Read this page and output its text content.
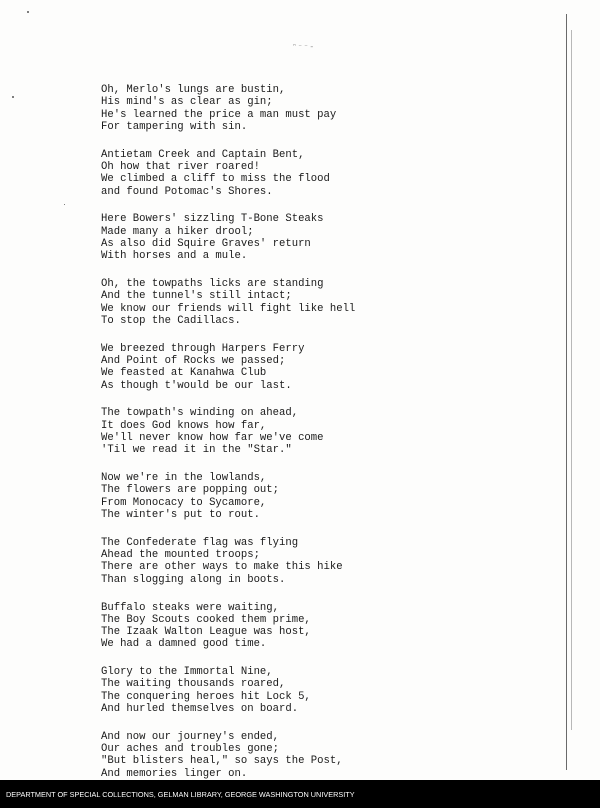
ᵔ⁻⁻-
Oh, Merlo's lungs are bustin,
His mind's as clear as gin;
He's learned the price a man must pay
For tampering with sin.
Antietam Creek and Captain Bent,
Oh how that river roared!
We climbed a cliff to miss the flood
and found Potomac's Shores.
Here Bowers' sizzling T-Bone Steaks
Made many a hiker drool;
As also did Squire Graves' return
With horses and a mule.
Oh, the towpaths licks are standing
And the tunnel's still intact;
We know our friends will fight like hell
To stop the Cadillacs.
We breezed through Harpers Ferry
And Point of Rocks we passed;
We feasted at Kanahwa Club
As though t'would be our last.
The towpath's winding on ahead,
It does God knows how far,
We'll never know how far we've come
'Til we read it in the "Star."
Now we're in the lowlands,
The flowers are popping out;
From Monocacy to Sycamore,
The winter's put to rout.
The Confederate flag was flying
Ahead the mounted troops;
There are other ways to make this hike
Than slogging along in boots.
Buffalo steaks were waiting,
The Boy Scouts cooked them prime,
The Izaak Walton League was host,
We had a damned good time.
Glory to the Immortal Nine,
The waiting thousands roared,
The conquering heroes hit Lock 5,
And hurled themselves on board.
And now our journey's ended,
Our aches and troubles gone;
"But blisters heal," so says the Post,
And memories linger on.
DEPARTMENT OF SPECIAL COLLECTIONS, GELMAN LIBRARY, GEORGE WASHINGTON UNIVERSITY
